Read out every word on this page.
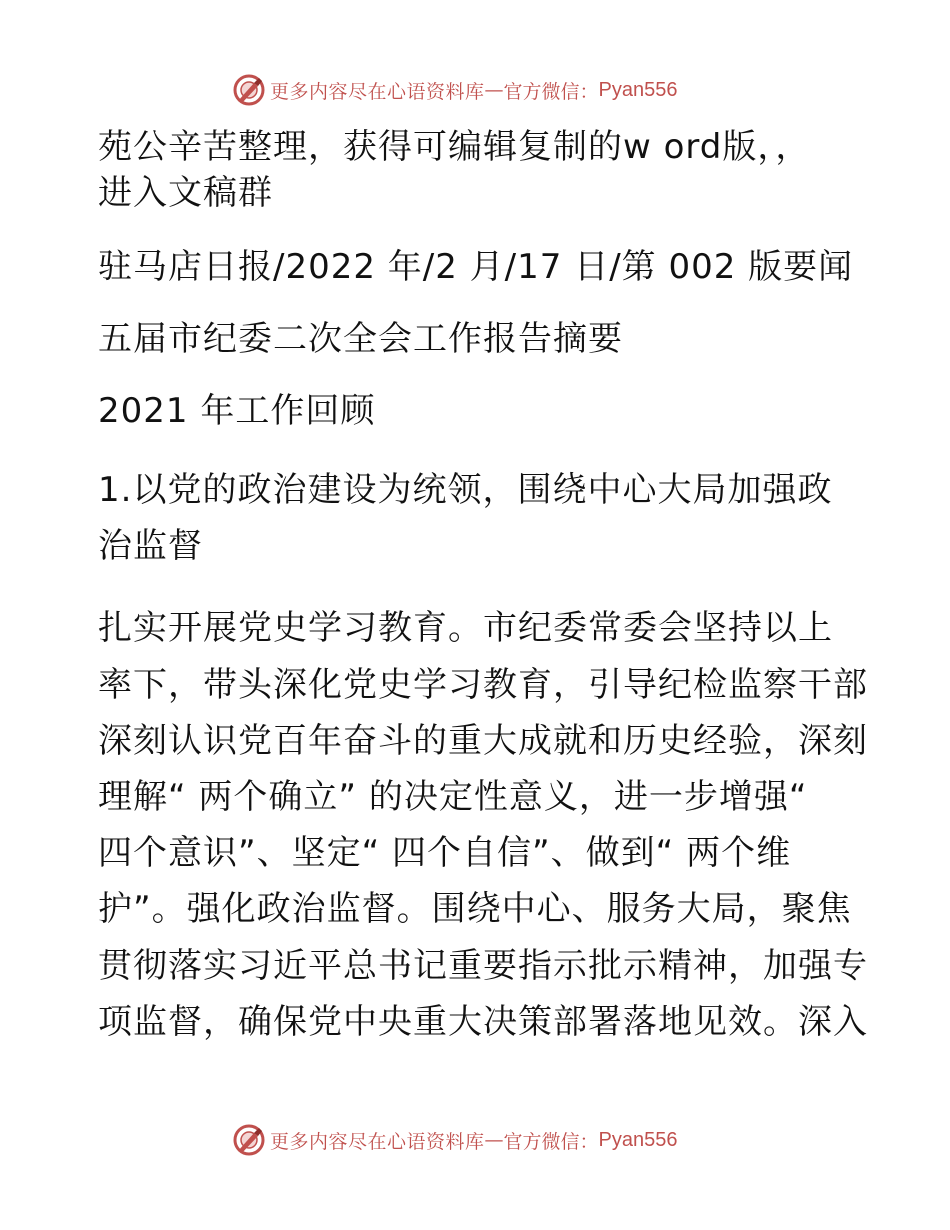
更多内容尽在心语资料库 — 官方微信： Pyan556
苑公辛苦整理，获得可编辑复制的w ord版，，
进入文稿群
驻马店日报/2022 年/2 月/17 日/第 002 版要闻
五届市纪委二次全会工作报告摘要
2021 年工作回顾
1.以党的政治建设为统领，围绕中心大局加强政
治监督
扎实开展党史学习教育。市纪委常委会坚持以上
率下，带头深化党史学习教育，引导纪检监察干部
深刻认识党百年奋斗的重大成就和历史经验，深刻
理解“ 两个确立” 的决定性意义，进一步增强“
四个意识”、坚定“ 四个自信”、做到“ 两个维
护”。强化政治监督。围绕中心、服务大局，聚焦
贯彻落实习近平总书记重要指示批示精神，加强专
项监督，确保党中央重大决策部署落地见效。深入
更多内容尽在心语资料库 — 官方微信： Pyan556
